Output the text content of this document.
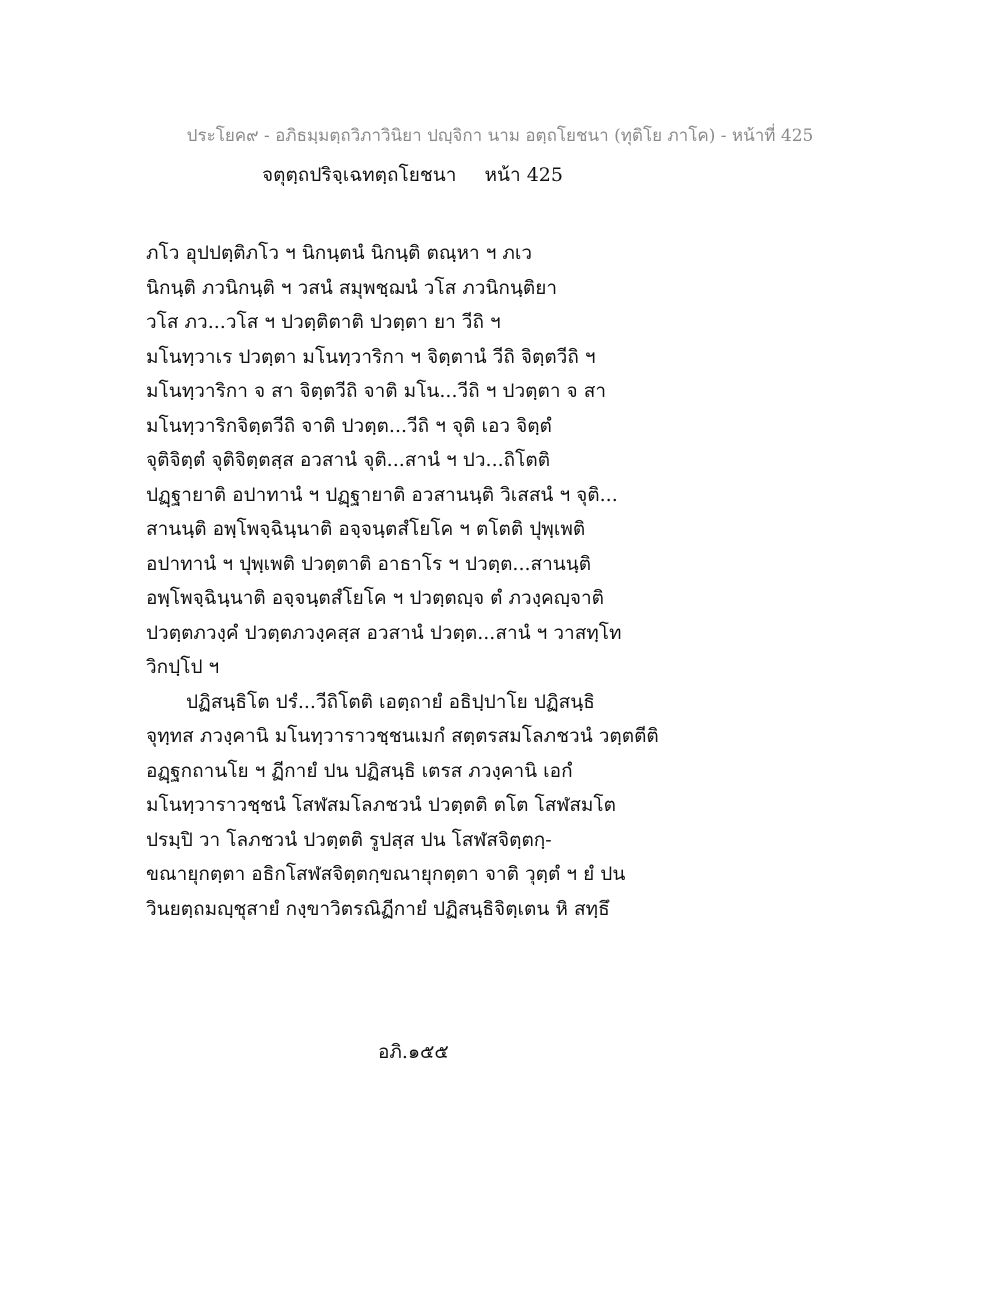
ประโยค๙ - อภิธมฺมตฺถวิภาวินิยา ปญฺจิกา นาม อตฺถโยชนา (ทุติโย ภาโค) - หน้าที่ 425
จตุตฺถปริจฺเฉทตฺถโยชนา หน้า 425
ภโว อุปปตฺติภโว ฯ นิกนฺตนํ นิกนฺติ ตณฺหา ฯ ภเว
นิกนฺติ ภวนิกนฺติ ฯ วสนํ สมุพชฺฌนํ วโส ภวนิกนฺติยา
วโส ภว...วโส ฯ ปวตฺติตาติ ปวตฺตา ยา วีถิ ฯ
มโนทฺวาเร ปวตฺตา มโนทฺวาริกา ฯ จิตฺตานํ วีถิ จิตฺตวีถิ ฯ
มโนทฺวาริกา จ สา จิตฺตวีถิ จาติ มโน...วีถิ ฯ ปวตฺตา จ สา
มโนทฺวาริกจิตฺตวีถิ จาติ ปวตฺต...วีถิ ฯ จุติ เอว จิตฺตํ
จุติจิตฺตํ จุติจิตฺตสฺส อวสานํ จุติ...สานํ ฯ ปว...ถิโตติ
ปฏฺฐายาติ อปาทานํ ฯ ปฏฺฐายาติ อวสานนฺติ วิเสสนํ ฯ จุติ...
สานนฺติ อพฺโพจฺฉินฺนาติ อจฺจนฺตสํโยโค ฯ ตโตติ ปุพฺเพติ
อปาทานํ ฯ ปุพฺเพติ ปวตฺตาติ อาธาโร ฯ ปวตฺต...สานนฺติ
อพฺโพจฺฉินฺนาติ อจฺจนฺตสํโยโค ฯ ปวตฺตญฺจ ตํ ภวงฺคญฺจาติ
ปวตฺตภวงฺคํ ปวตฺตภวงฺคสฺส อวสานํ ปวตฺต...สานํ ฯ วาสทฺโท
วิกปฺโป ฯ
ปฏิสนฺธิโต ปรํ...วีถิโตติ เอตฺถายํ อธิปฺปาโย ปฏิสนฺธิ
จุทฺทส ภวงฺคานิ มโนทฺวาราวชฺชนเมกํ สตฺตรสมโลภชวนํ วตฺตตีติ
อฏฺฐกถานโย ฯ ฏีกายํ ปน ปฏิสนฺธิ เตรส ภวงฺคานิ เอกํ
มโนทฺวาราวชฺชนํ โสฬสมโลภชวนํ ปวตฺตติ ตโต โสฬสมโต
ปรมฺปิ วา โลภชวนํ ปวตฺตติ รูปสฺส ปน โสฬสจิตฺตกฺ-
ขณายุกตฺตา อธิกโสฬสจิตฺตกฺขณายุกตฺตา จาติ วุตฺตํ ฯ ยํ ปน
วินยตฺถมญฺชุสายํ กงฺขาวิตรณิฏีกายํ ปฏิสนฺธิจิตฺเตน หิ สทฺธึ
อภิ.๑๕๕
